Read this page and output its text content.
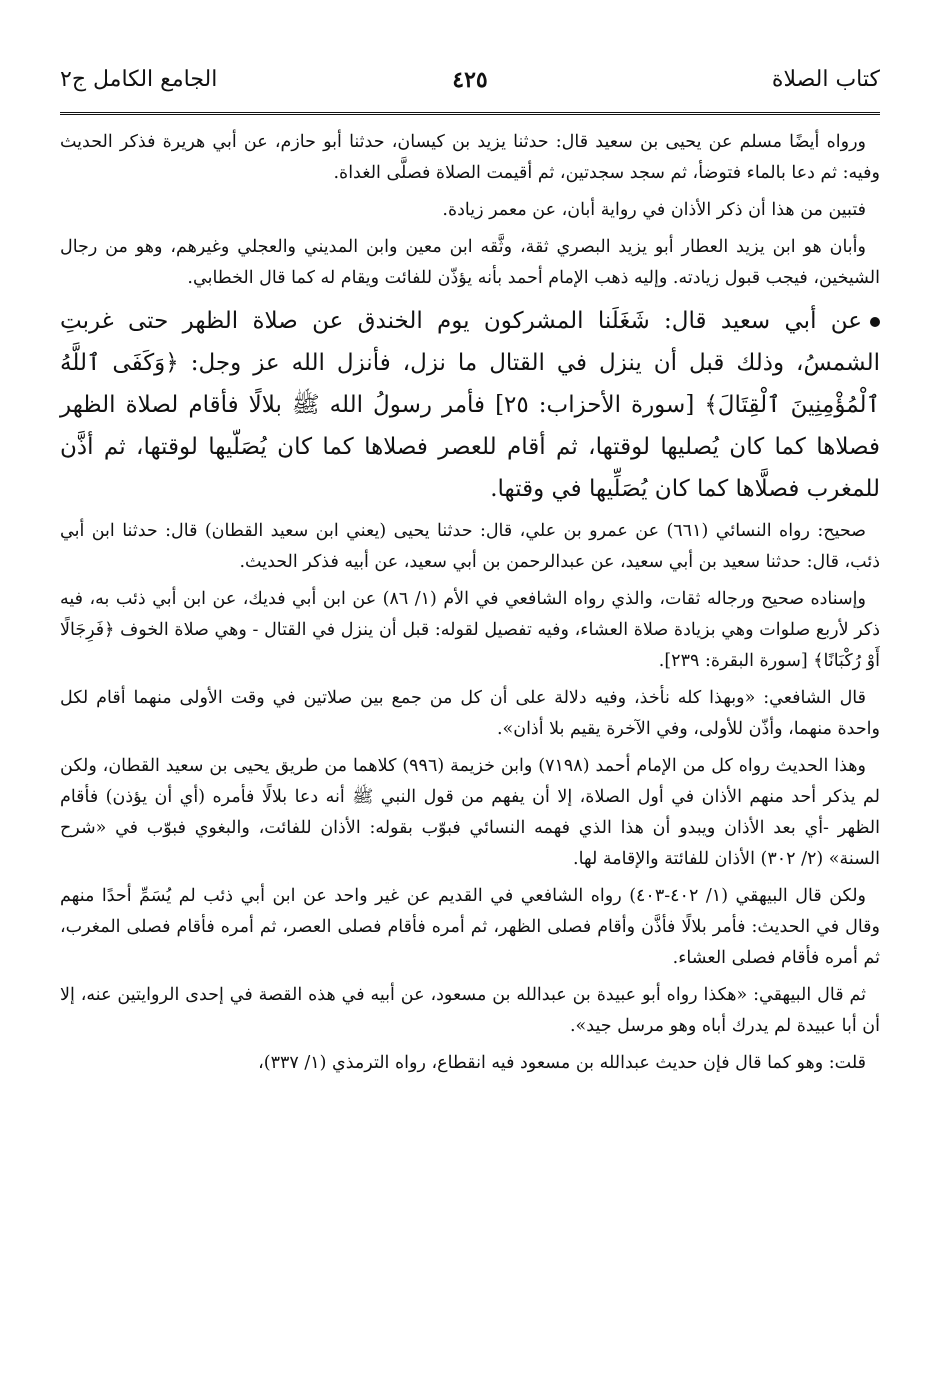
كتاب الصلاة
٤٢٥
الجامع الكامل ج٢

ورواه أيضًا مسلم عن يحيى بن سعيد قال: حدثنا يزيد بن كيسان، حدثنا أبو حازم، عن أبي هريرة فذكر الحديث وفيه: ثم دعا بالماء فتوضأ، ثم سجد سجدتين، ثم أقيمت الصلاة فصلَّى الغداة.

فتبين من هذا أن ذكر الأذان في رواية أبان، عن معمر زيادة.

وأبان هو ابن يزيد العطار أبو يزيد البصري ثقة، وثَّقه ابن معين وابن المديني والعجلي وغيرهم، وهو من رجال الشيخين، فيجب قبول زيادته. وإليه ذهب الإمام أحمد بأنه يؤذّن للفائت ويقام له كما قال الخطابي.

عن أبي سعيد قال: شَغَلَنا المشركون يوم الخندق عن صلاة الظهر حتى غربتِ الشمسُ، وذلك قبل أن ينزل في القتال ما نزل، فأنزل الله عز وجل: ﴿وَكَفَى ٱللَّهُ ٱلْمُؤْمِنِينَ ٱلْقِتَالَ﴾ [سورة الأحزاب: ٢٥] فأمر رسولُ الله ﷺ بلالًا فأقام لصلاة الظهر فصلاها كما كان يُصليها لوقتها، ثم أقام للعصر فصلاها كما كان يُصَلّيها لوقتها، ثم أذَّن للمغرب فصلَّاها كما كان يُصَلِّيها في وقتها.

صحيح: رواه النسائي (٦٦١) عن عمرو بن علي، قال: حدثنا يحيى (يعني ابن سعيد القطان) قال: حدثنا ابن أبي ذئب، قال: حدثنا سعيد بن أبي سعيد، عن عبدالرحمن بن أبي سعيد، عن أبيه فذكر الحديث.

وإسناده صحيح ورجاله ثقات، والذي رواه الشافعي في الأم (١/ ٨٦) عن ابن أبي فديك، عن ابن أبي ذئب به، فيه ذكر لأربع صلوات وهي بزيادة صلاة العشاء، وفيه تفصيل لقوله: قبل أن ينزل في القتال - وهي صلاة الخوف ﴿فَرِجَالًا أَوْ رُكْبَانًا﴾ [سورة البقرة: ٢٣٩].

قال الشافعي: «وبهذا كله نأخذ، وفيه دلالة على أن كل من جمع بين صلاتين في وقت الأولى منهما أقام لكل واحدة منهما، وأذّن للأولى، وفي الآخرة يقيم بلا أذان».

وهذا الحديث رواه كل من الإمام أحمد (٧١٩٨) وابن خزيمة (٩٩٦) كلاهما من طريق يحيى بن سعيد القطان، ولكن لم يذكر أحد منهم الأذان في أول الصلاة، إلا أن يفهم من قول النبي ﷺ أنه دعا بلالًا فأمره (أي أن يؤذن) فأقام الظهر -أي بعد الأذان ويبدو أن هذا الذي فهمه النسائي فبوّب بقوله: الأذان للفائت، والبغوي فبوّب في «شرح السنة» (٢/ ٣٠٢) الأذان للفائتة والإقامة لها.

ولكن قال البيهقي (١/ ٤٠٢-٤٠٣) رواه الشافعي في القديم عن غير واحد عن ابن أبي ذئب لم يُسَمِّ أحدًا منهم وقال في الحديث: فأمر بلالًا فأذَّن وأقام فصلى الظهر، ثم أمره فأقام فصلى العصر، ثم أمره فأقام فصلى المغرب، ثم أمره فأقام فصلى العشاء.

ثم قال البيهقي: «هكذا رواه أبو عبيدة بن عبدالله بن مسعود، عن أبيه في هذه القصة في إحدى الروايتين عنه، إلا أن أبا عبيدة لم يدرك أباه وهو مرسل جيد».

قلت: وهو كما قال فإن حديث عبدالله بن مسعود فيه انقطاع، رواه الترمذي (١/ ٣٣٧)،
